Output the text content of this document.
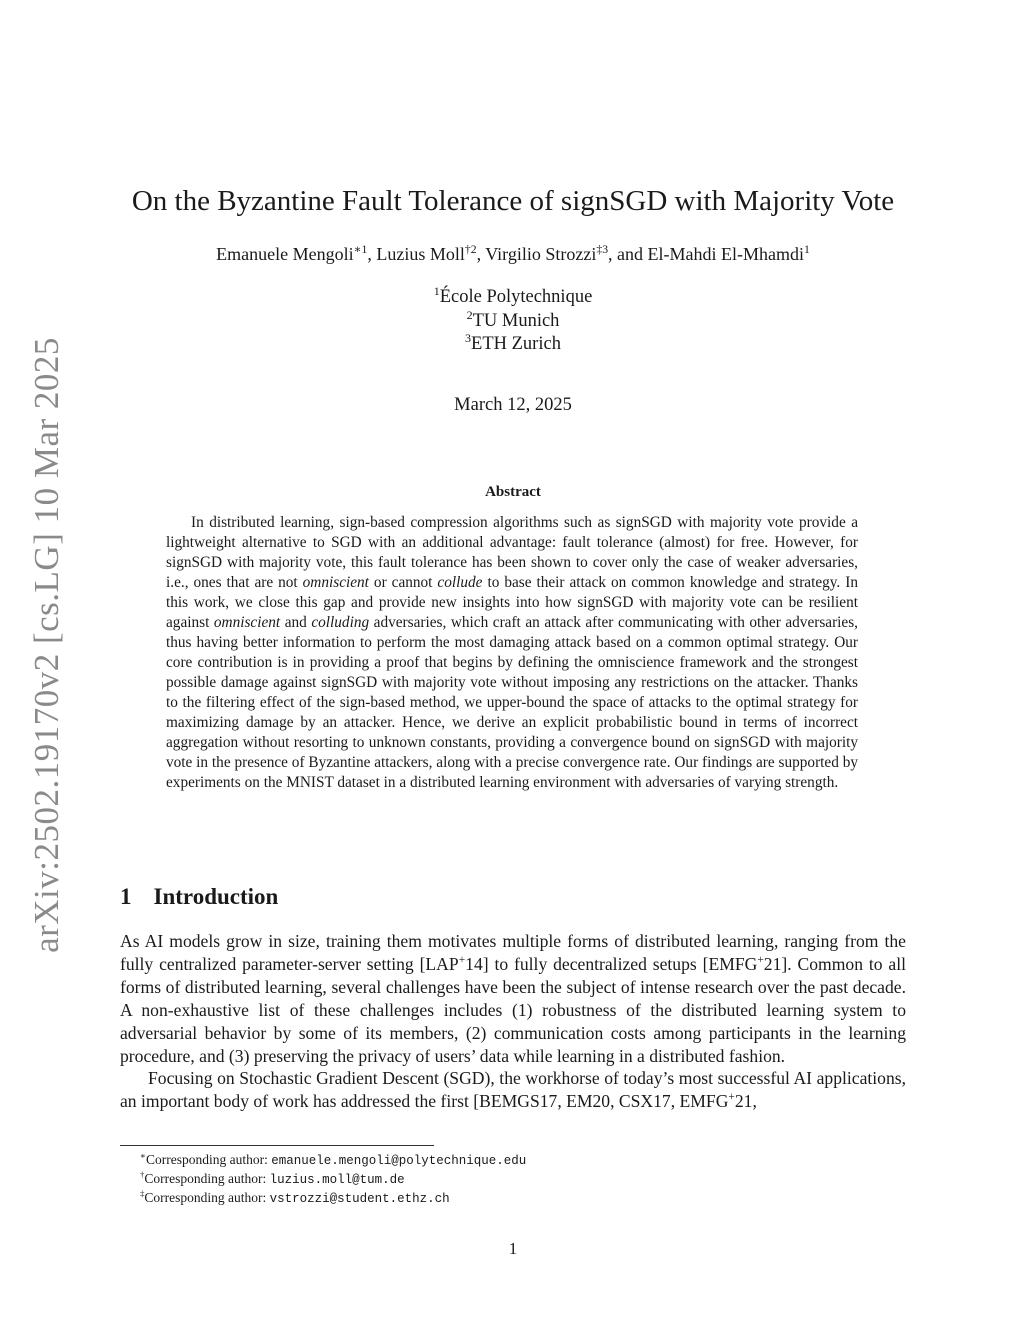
arXiv:2502.19170v2 [cs.LG] 10 Mar 2025
On the Byzantine Fault Tolerance of signSGD with Majority Vote
Emanuele Mengoli$^{∗1}$, Luzius Moll$^{\dagger 2}$, Virgilio Strozzi$^{\ddagger 3}$, and El-Mahdi El-Mhamdi$^1$
$^1$École Polytechnique
$^2$TU Munich
$^3$ETH Zurich
March 12, 2025
Abstract
In distributed learning, sign-based compression algorithms such as signSGD with majority vote provide a lightweight alternative to SGD with an additional advantage: fault tolerance (almost) for free. However, for signSGD with majority vote, this fault tolerance has been shown to cover only the case of weaker adversaries, i.e., ones that are not omniscient or cannot collude to base their attack on common knowledge and strategy. In this work, we close this gap and provide new insights into how signSGD with majority vote can be resilient against omniscient and colluding adversaries, which craft an attack after communicating with other adversaries, thus having better information to perform the most damaging attack based on a common optimal strategy. Our core contribution is in providing a proof that begins by defining the omniscience framework and the strongest possible damage against signSGD with majority vote without imposing any restrictions on the attacker. Thanks to the filtering effect of the sign-based method, we upper-bound the space of attacks to the optimal strategy for maximizing damage by an attacker. Hence, we derive an explicit probabilistic bound in terms of incorrect aggregation without resorting to unknown constants, providing a convergence bound on signSGD with majority vote in the presence of Byzantine attackers, along with a precise convergence rate. Our findings are supported by experiments on the MNIST dataset in a distributed learning environment with adversaries of varying strength.
1 Introduction

As AI models grow in size, training them motivates multiple forms of distributed learning, ranging from the fully centralized parameter-server setting [LAP+14] to fully decentralized setups [EMFG+21]. Common to all forms of distributed learning, several challenges have been the subject of intense research over the past decade. A non-exhaustive list of these challenges includes (1) robustness of the distributed learning system to adversarial behavior by some of its members, (2) communication costs among participants in the learning procedure, and (3) preserving the privacy of users’ data while learning in a distributed fashion.

Focusing on Stochastic Gradient Descent (SGD), the workhorse of today’s most successful AI applications, an important body of work has addressed the first [BEMGS17, EM20, CSX17, EMFG+21,

∗Corresponding author: emanuele.mengoli@polytechnique.edu
†Corresponding author: luzius.moll@tum.de
‡Corresponding author: vstrozzi@student.ethz.ch
1
